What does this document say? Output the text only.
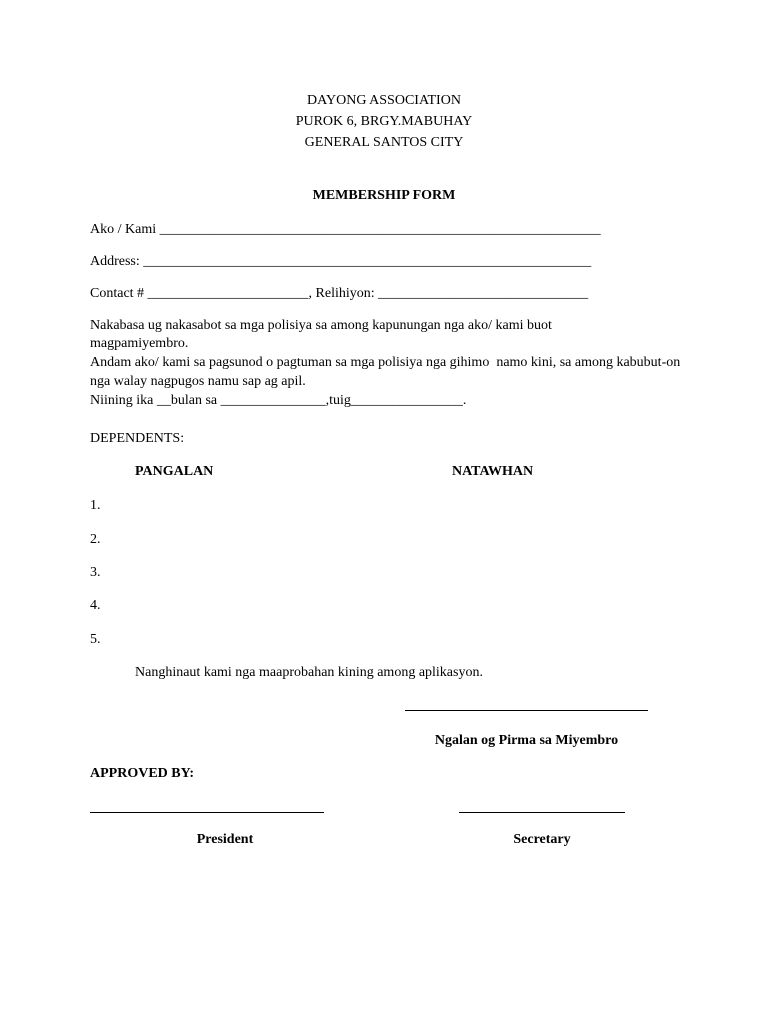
DAYONG ASSOCIATION
PUROK 6, BRGY.MABUHAY
GENERAL SANTOS CITY
MEMBERSHIP FORM
Ako / Kami _______________________________________________________________
Address: ________________________________________________________________
Contact # _______________________, Relihiyon: ______________________________
Nakabasa ug nakasabot sa mga polisiya sa among kapunungan nga ako/ kami buot
magpamiyembro.
Andam ako/ kami sa pagsunod o pagtuman sa mga polisiya nga gihimo  namo kini, sa among kabubut-on
nga walay nagpugos namu sap ag apil.
Niining ika __bulan sa _______________,tuig________________.
DEPENDENTS:
PANGALAN	NATAWHAN
1.
2.
3.
4.
5.
Nanghinaut kami nga maaprobahan kining among aplikasyon.
Ngalan og Pirma sa Miyembro
APPROVED BY:
President	Secretary
